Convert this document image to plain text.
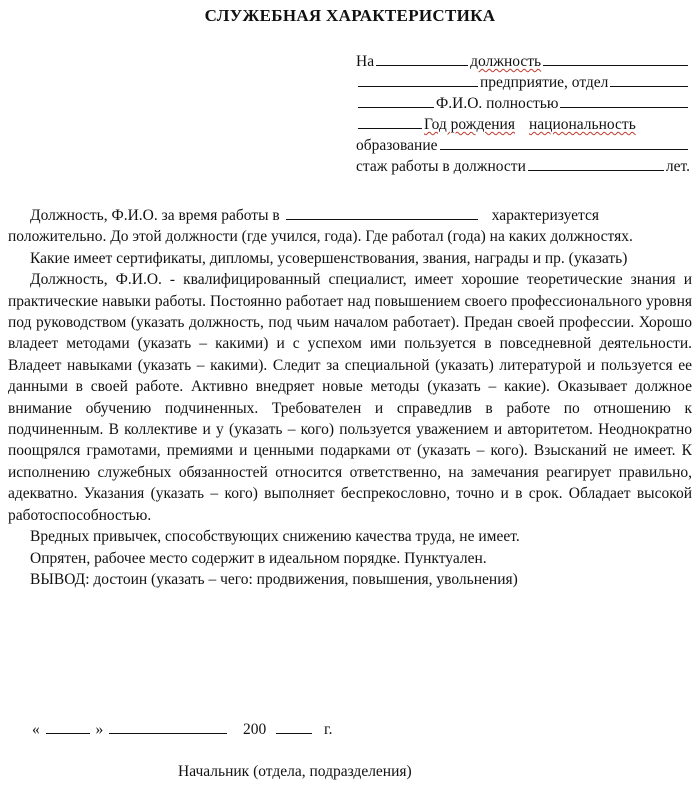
СЛУЖЕБНАЯ ХАРАКТЕРИСТИКА
На	должность
предприятие, отдел
Ф.И.О. полностью
Год рождения национальность
образование
стаж работы в должности	лет.
Должность, Ф.И.О. за время работы в	характеризуется

положительно. До этой должности (где учился, года). Где работал (года) на каких должностях.

Какие имеет сертификаты, дипломы, усовершенствования, звания, награды и пр. (указать)

Должность, Ф.И.О. - квалифицированный специалист, имеет хорошие теоретические знания и практические навыки работы. Постоянно работает над повышением своего профессионального уровня под руководством (указать должность, под чьим началом работает). Предан своей профессии. Хорошо владеет методами (указать – какими) и с успехом ими пользуется в повседневной деятельности. Владеет навыками (указать – какими). Следит за специальной (указать) литературой и пользуется ее данными в своей работе. Активно внедряет новые методы (указать – какие). Оказывает должное внимание обучению подчиненных. Требователен и справедлив в работе по отношению к подчиненным. В коллективе и у (указать – кого) пользуется уважением и авторитетом. Неоднократно поощрялся грамотами, премиями и ценными подарками от (указать – кого). Взысканий не имеет. К исполнению служебных обязанностей относится ответственно, на замечания реагирует правильно, адекватно. Указания (указать – кого) выполняет беспрекословно, точно и в срок. Обладает высокой работоспособностью.

Вредных привычек, способствующих снижению качества труда, не имеет.

Опрятен, рабочее место содержит в идеальном порядке. Пунктуален.

ВЫВОД: достоин (указать – чего: продвижения, повышения, увольнения)

«	»	200	г.
Начальник (отдела, подразделения)
